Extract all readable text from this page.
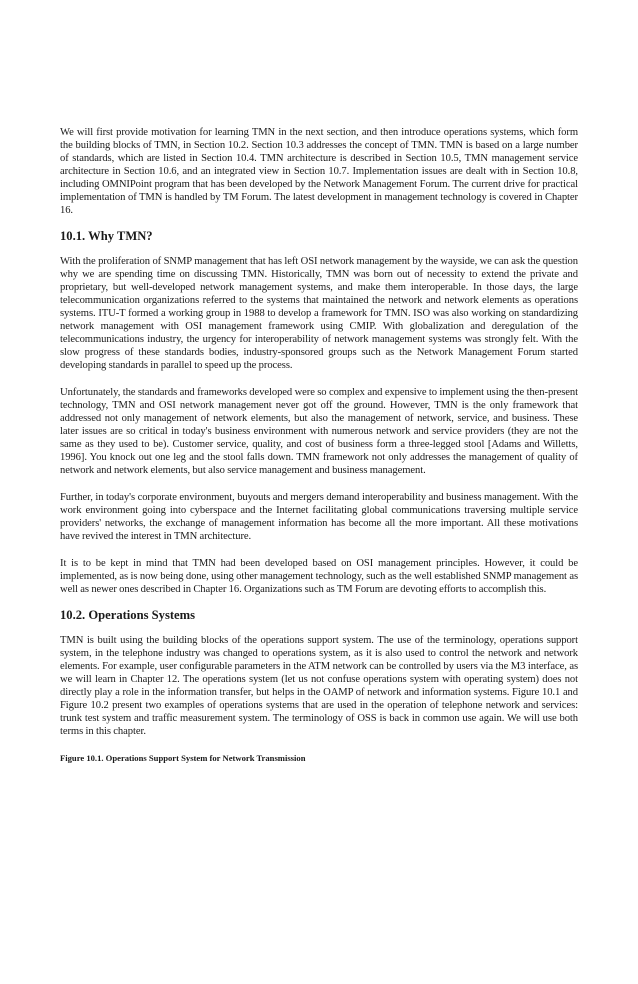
We will first provide motivation for learning TMN in the next section, and then introduce operations systems, which form the building blocks of TMN, in Section 10.2. Section 10.3 addresses the concept of TMN. TMN is based on a large number of standards, which are listed in Section 10.4. TMN architecture is described in Section 10.5, TMN management service architecture in Section 10.6, and an integrated view in Section 10.7. Implementation issues are dealt with in Section 10.8, including OMNIPoint program that has been developed by the Network Management Forum. The current drive for practical implementation of TMN is handled by TM Forum. The latest development in management technology is covered in Chapter 16.

10.1. Why TMN?

With the proliferation of SNMP management that has left OSI network management by the wayside, we can ask the question why we are spending time on discussing TMN. Historically, TMN was born out of necessity to extend the private and proprietary, but well-developed network management systems, and make them interoperable. In those days, the large telecommunication organizations referred to the systems that maintained the network and network elements as operations systems. ITU-T formed a working group in 1988 to develop a framework for TMN. ISO was also working on standardizing network management with OSI management framework using CMIP. With globalization and deregulation of the telecommunications industry, the urgency for interoperability of network management systems was strongly felt. With the slow progress of these standards bodies, industry-sponsored groups such as the Network Management Forum started developing standards in parallel to speed up the process.

Unfortunately, the standards and frameworks developed were so complex and expensive to implement using the then-present technology, TMN and OSI network management never got off the ground. However, TMN is the only framework that addressed not only management of network elements, but also the management of network, service, and business. These later issues are so critical in today's business environment with numerous network and service providers (they are not the same as they used to be). Customer service, quality, and cost of business form a three-legged stool [Adams and Willetts, 1996]. You knock out one leg and the stool falls down. TMN framework not only addresses the management of quality of network and network elements, but also service management and business management.

Further, in today's corporate environment, buyouts and mergers demand interoperability and business management. With the work environment going into cyberspace and the Internet facilitating global communications traversing multiple service providers' networks, the exchange of management information has become all the more important. All these motivations have revived the interest in TMN architecture.

It is to be kept in mind that TMN had been developed based on OSI management principles. However, it could be implemented, as is now being done, using other management technology, such as the well established SNMP management as well as newer ones described in Chapter 16. Organizations such as TM Forum are devoting efforts to accomplish this.

10.2. Operations Systems

TMN is built using the building blocks of the operations support system. The use of the terminology, operations support system, in the telephone industry was changed to operations system, as it is also used to control the network and network elements. For example, user configurable parameters in the ATM network can be controlled by users via the M3 interface, as we will learn in Chapter 12. The operations system (let us not confuse operations system with operating system) does not directly play a role in the information transfer, but helps in the OAMP of network and information systems. Figure 10.1 and Figure 10.2 present two examples of operations systems that are used in the operation of telephone network and services: trunk test system and traffic measurement system. The terminology of OSS is back in common use again. We will use both terms in this chapter.

Figure 10.1. Operations Support System for Network Transmission
